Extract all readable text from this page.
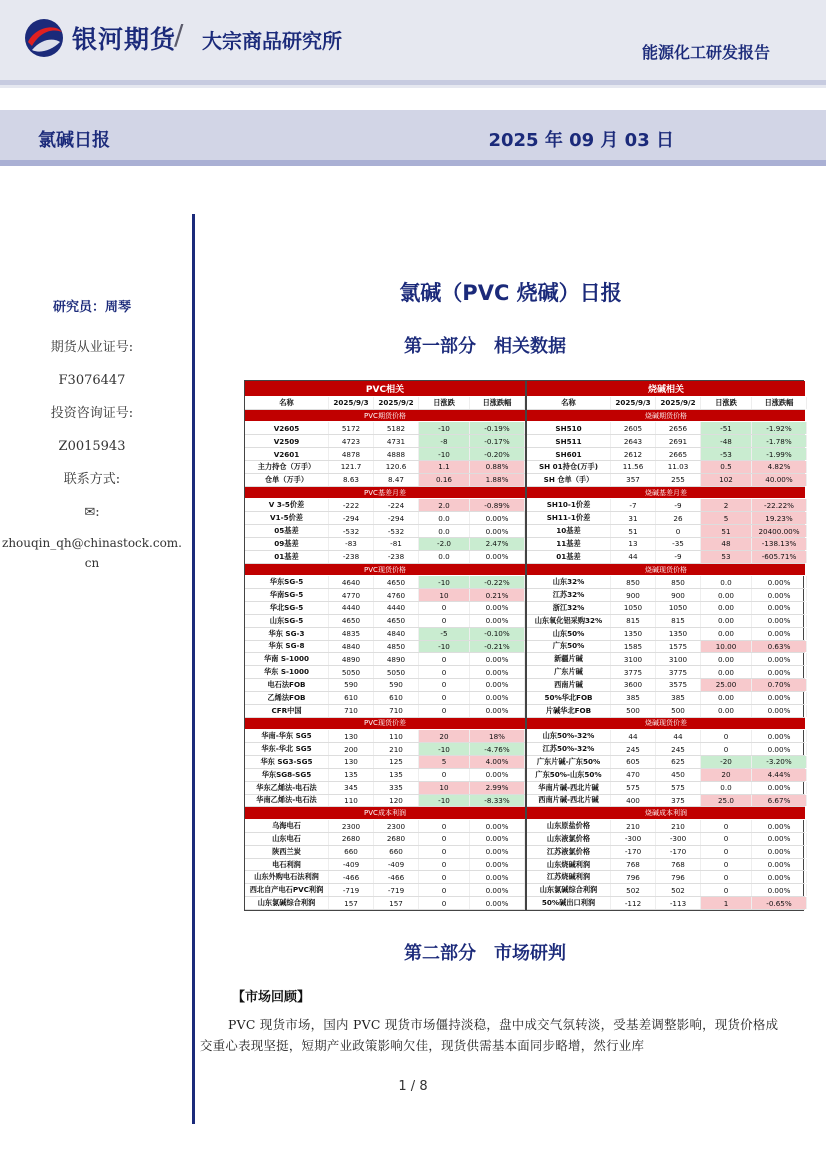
银河期货
/ 大宗商品研究所	能源化工研发报告
氯碱日报	2025 年 09 月 03 日
研究员：周琴
期货从业证号:
F3076447
投资咨询证号:
Z0015943
联系方式:
✉:
zhouqin_qh@chinastock.com.cn
氯碱（PVC 烧碱）日报
第一部分　相关数据
PVC相关
名称	2025/9/3	2025/9/2	日涨跌	日涨跌幅
PVC期货价格
V2605	5172	5182	-10	-0.19%
V2509	4723	4731	-8	-0.17%
V2601	4878	4888	-10	-0.20%
主力持仓（万手）	121.7	120.6	1.1	0.88%
仓单（万手）	8.63	8.47	0.16	1.88%
PVC基差月差
V 3-5价差	-222	-224	2.0	-0.89%
V1-5价差	-294	-294	0.0	0.00%
05基差	-532	-532	0.0	0.00%
09基差	-83	-81	-2.0	2.47%
01基差	-238	-238	0.0	0.00%
PVC现货价格
华东SG-5	4640	4650	-10	-0.22%
华南SG-5	4770	4760	10	0.21%
华北SG-5	4440	4440	0	0.00%
山东SG-5	4650	4650	0	0.00%
华东 SG-3	4835	4840	-5	-0.10%
华东 SG-8	4840	4850	-10	-0.21%
华南 S-1000	4890	4890	0	0.00%
华东 S-1000	5050	5050	0	0.00%
电石法FOB	590	590	0	0.00%
乙烯法FOB	610	610	0	0.00%
CFR中国	710	710	0	0.00%
PVC现货价差
华南-华东 SG5	130	110	20	18%
华东-华北 SG5	200	210	-10	-4.76%
华东 SG3-SG5	130	125	5	4.00%
华东SG8-SG5	135	135	0	0.00%
华东乙烯法-电石法	345	335	10	2.99%
华南乙烯法-电石法	110	120	-10	-8.33%
PVC成本利润
乌海电石	2300	2300	0	0.00%
山东电石	2680	2680	0	0.00%
陕西兰炭	660	660	0	0.00%
电石利润	-409	-409	0	0.00%
山东外购电石法利润	-466	-466	0	0.00%
西北自产电石PVC利润	-719	-719	0	0.00%
山东氯碱综合利润	157	157	0	0.00%
烧碱相关
名称	2025/9/3	2025/9/2	日涨跌	日涨跌幅
烧碱期货价格
SH510	2605	2656	-51	-1.92%
SH511	2643	2691	-48	-1.78%
SH601	2612	2665	-53	-1.99%
SH 01持仓(万手)	11.56	11.03	0.5	4.82%
SH 仓单（手）	357	255	102	40.00%
烧碱基差月差
SH10-1价差	-7	-9	2	-22.22%
SH11-1价差	31	26	5	19.23%
10基差	51	0	51	20400.00%
11基差	13	-35	48	-138.13%
01基差	44	-9	53	-605.71%
烧碱现货价格
山东32%	850	850	0.0	0.00%
江苏32%	900	900	0.00	0.00%
浙江32%	1050	1050	0.00	0.00%
山东氧化铝采购32%	815	815	0.00	0.00%
山东50%	1350	1350	0.00	0.00%
广东50%	1585	1575	10.00	0.63%
新疆片碱	3100	3100	0.00	0.00%
广东片碱	3775	3775	0.00	0.00%
西南片碱	3600	3575	25.00	0.70%
50%华北FOB	385	385	0.00	0.00%
片碱华北FOB	500	500	0.00	0.00%
烧碱现货价差
山东50%-32%	44	44	0	0.00%
江苏50%-32%	245	245	0	0.00%
广东片碱-广东50%	605	625	-20	-3.20%
广东50%-山东50%	470	450	20	4.44%
华南片碱-西北片碱	575	575	0.0	0.00%
西南片碱-西北片碱	400	375	25.0	6.67%
烧碱成本利润
山东原盐价格	210	210	0	0.00%
山东液氯价格	-300	-300	0	0.00%
江苏液氯价格	-170	-170	0	0.00%
山东烧碱利润	768	768	0	0.00%
江苏烧碱利润	796	796	0	0.00%
山东氯碱综合利润	502	502	0	0.00%
50%碱出口利润	-112	-113	1	-0.65%
第二部分　市场研判
【市场回顾】
PVC 现货市场，国内 PVC 现货市场僵持淡稳，盘中成交气氛转淡，受基差调整影响，现货价格成交重心表现坚挺，短期产业政策影响欠佳，现货供需基本面同步略增，然行业库
1 / 8
